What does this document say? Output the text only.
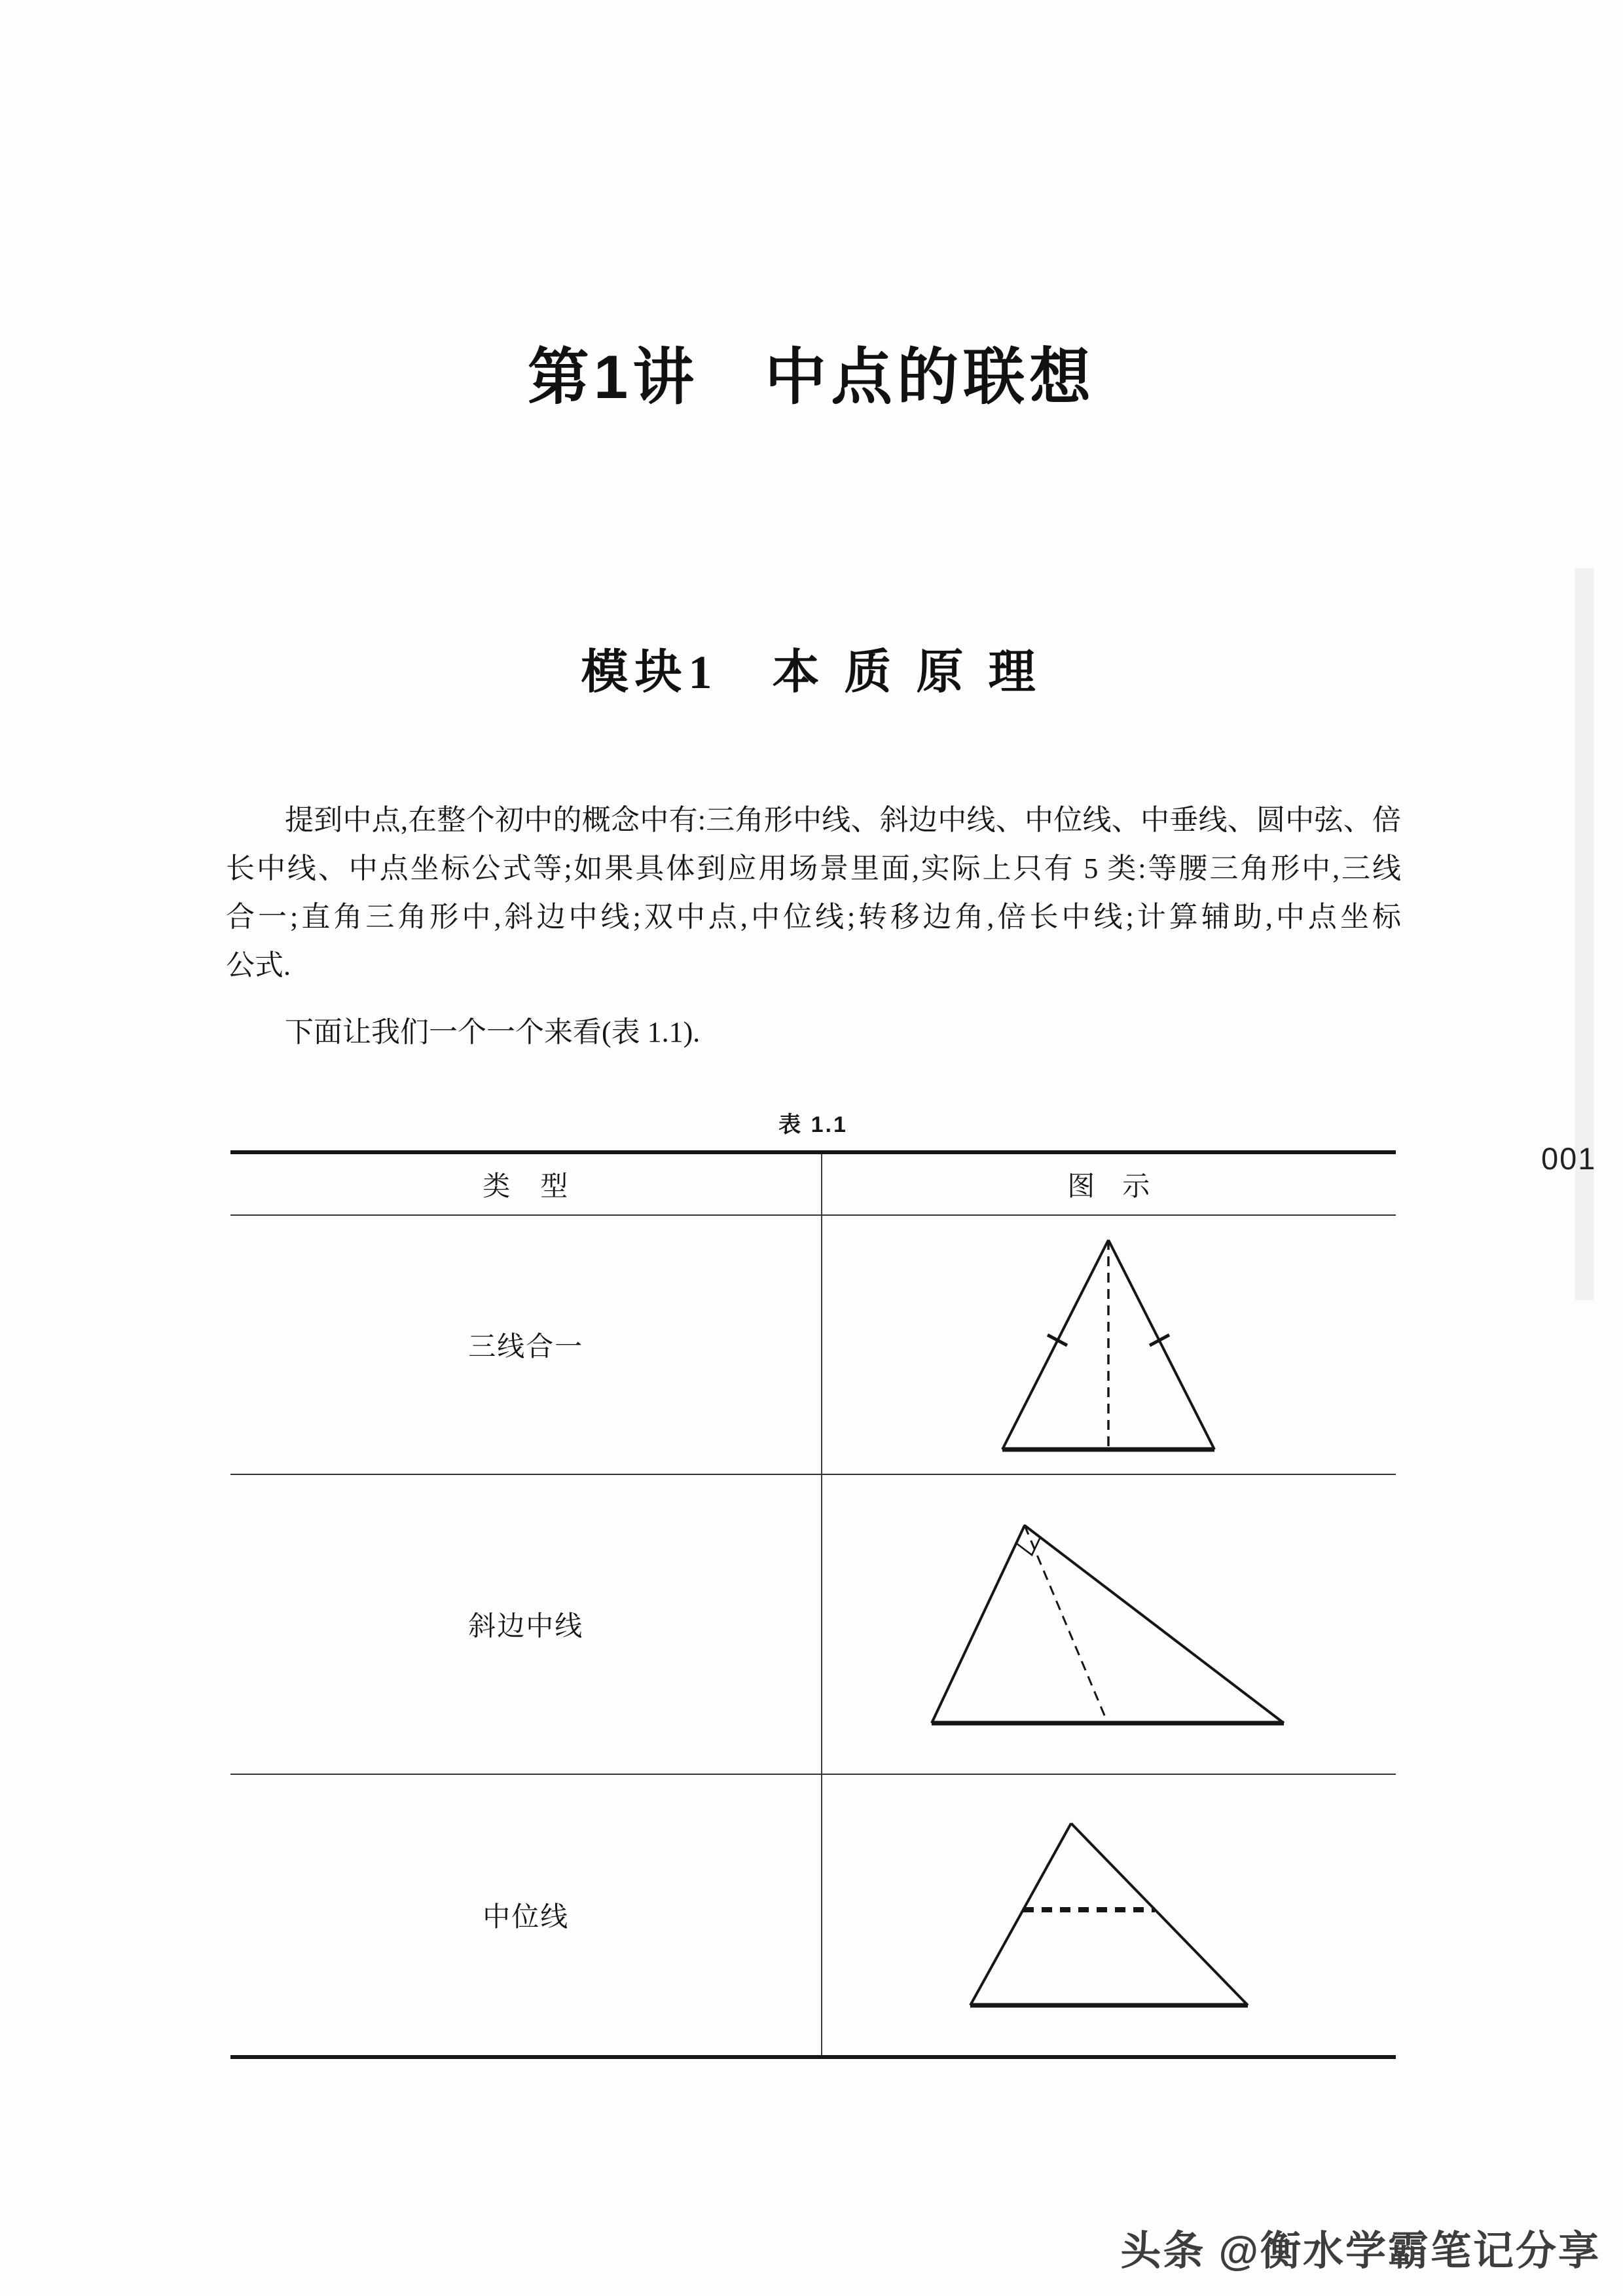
第1讲　中点的联想
模块1　本 质 原 理
提到中点,在整个初中的概念中有:三角形中线、斜边中线、中位线、中垂线、圆中弦、倍
长中线、中点坐标公式等;如果具体到应用场景里面,实际上只有 5 类:等腰三角形中,三线
合一;直角三角形中,斜边中线;双中点,中位线;转移边角,倍长中线;计算辅助,中点坐标
公式.
下面让我们一个一个来看(表 1.1).
表 1.1
类　型	图　示
三线合一
斜边中线
中位线
001
头条 @衡水学霸笔记分享
